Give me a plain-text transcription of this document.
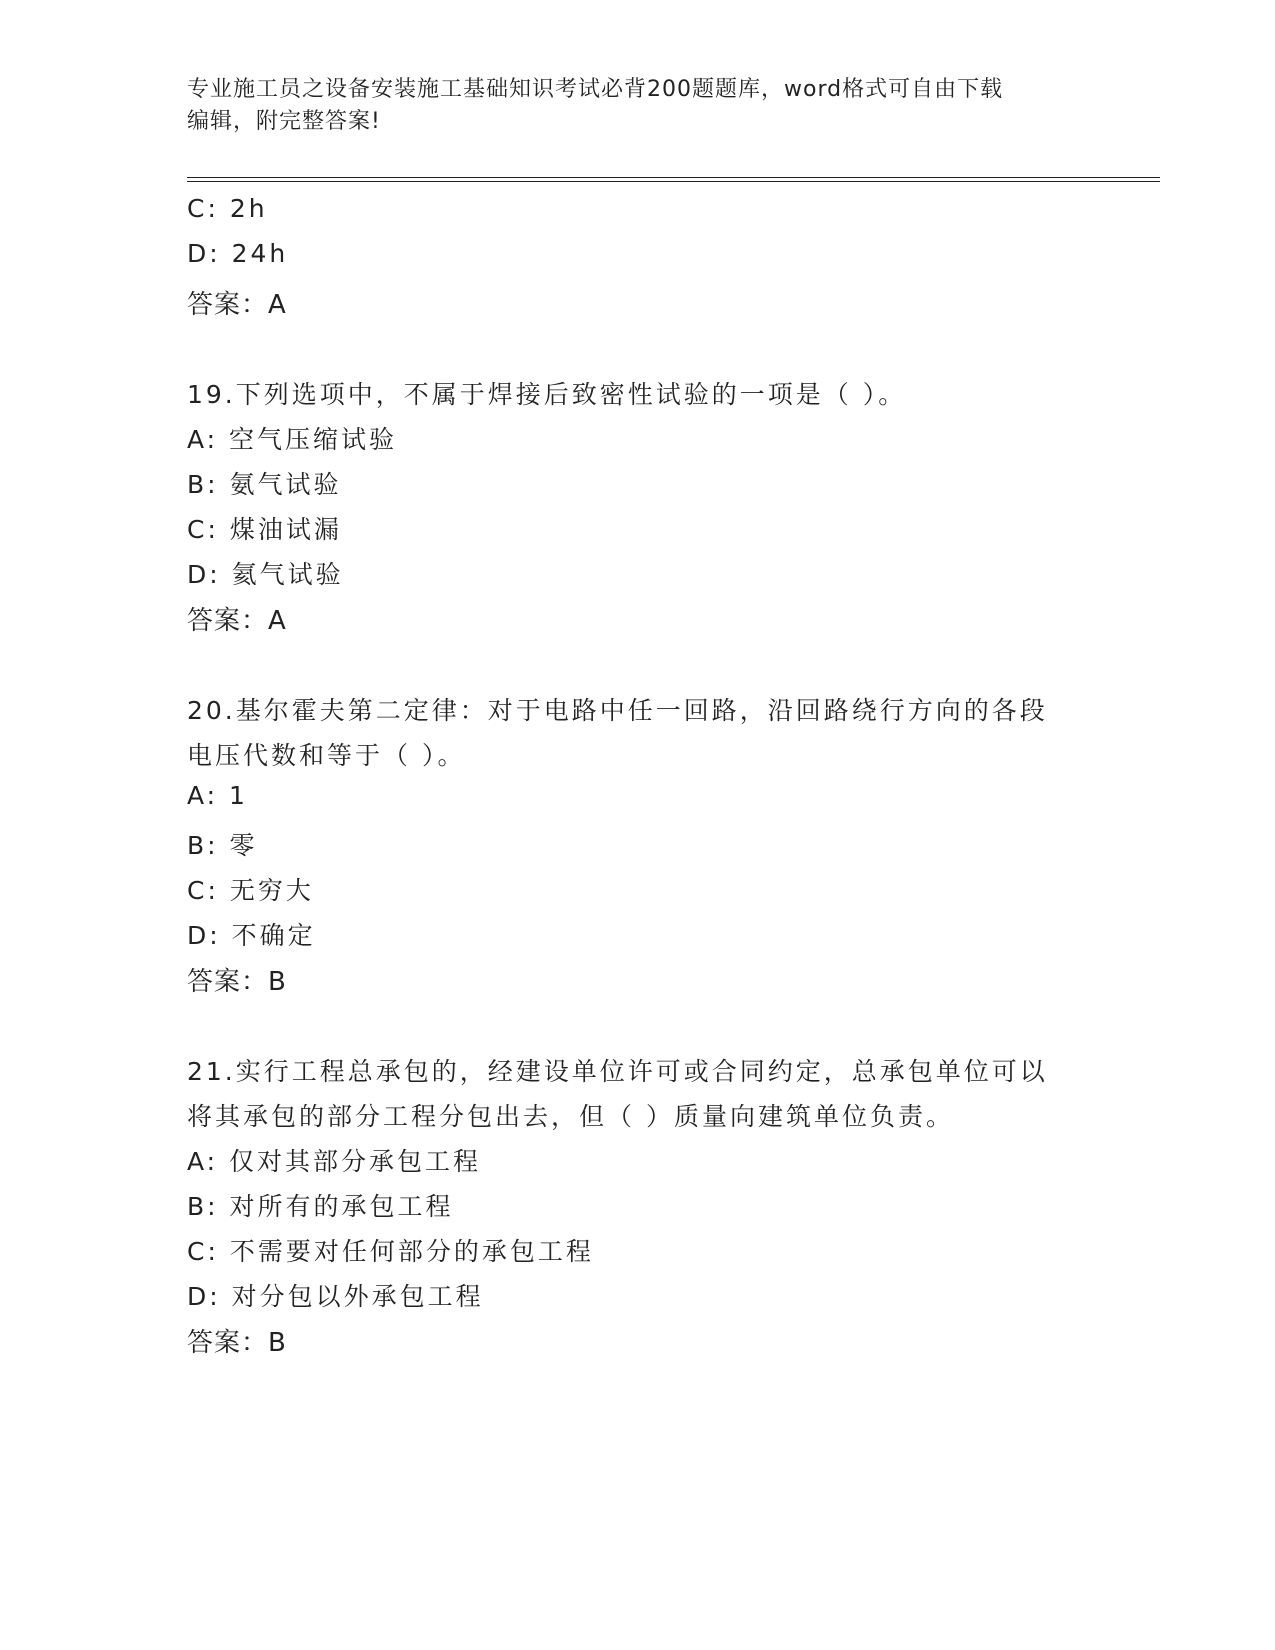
专业施工员之设备安装施工基础知识考试必背200题题库，word格式可自由下载
编辑，附完整答案!
C: 2h
D: 24h
答案：A
19.下列选项中，不属于焊接后致密性试验的一项是（ ）。
A: 空气压缩试验
B: 氨气试验
C: 煤油试漏
D: 氦气试验
答案：A
20.基尔霍夫第二定律：对于电路中任一回路，沿回路绕行方向的各段
电压代数和等于（ ）。
A: 1
B: 零
C: 无穷大
D: 不确定
答案：B
21.实行工程总承包的，经建设单位许可或合同约定，总承包单位可以
将其承包的部分工程分包出去，但（ ）质量向建筑单位负责。
A: 仅对其部分承包工程
B: 对所有的承包工程
C: 不需要对任何部分的承包工程
D: 对分包以外承包工程
答案：B
